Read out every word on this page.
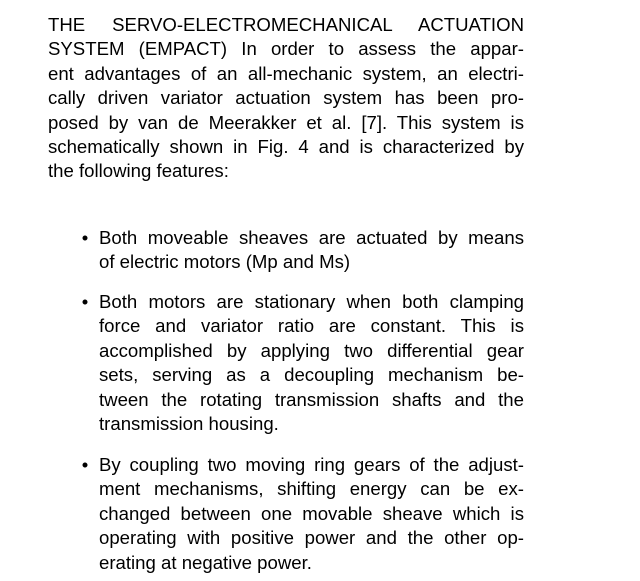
THE SERVO-ELECTROMECHANICAL ACTUATION
SYSTEM (EMPACT) In order to assess the appar-
ent advantages of an all-mechanic system, an electri-
cally driven variator actuation system has been pro-
posed by van de Meerakker et al. [7]. This system is
schematically shown in Fig. 4 and is characterized by
the following features:
• Both moveable sheaves are actuated by means
of electric motors (Mp and Ms)
• Both motors are stationary when both clamping
force and variator ratio are constant. This is
accomplished by applying two differential gear
sets, serving as a decoupling mechanism be-
tween the rotating transmission shafts and the
transmission housing.
• By coupling two moving ring gears of the adjust-
ment mechanisms, shifting energy can be ex-
changed between one movable sheave which is
operating with positive power and the other op-
erating at negative power.
